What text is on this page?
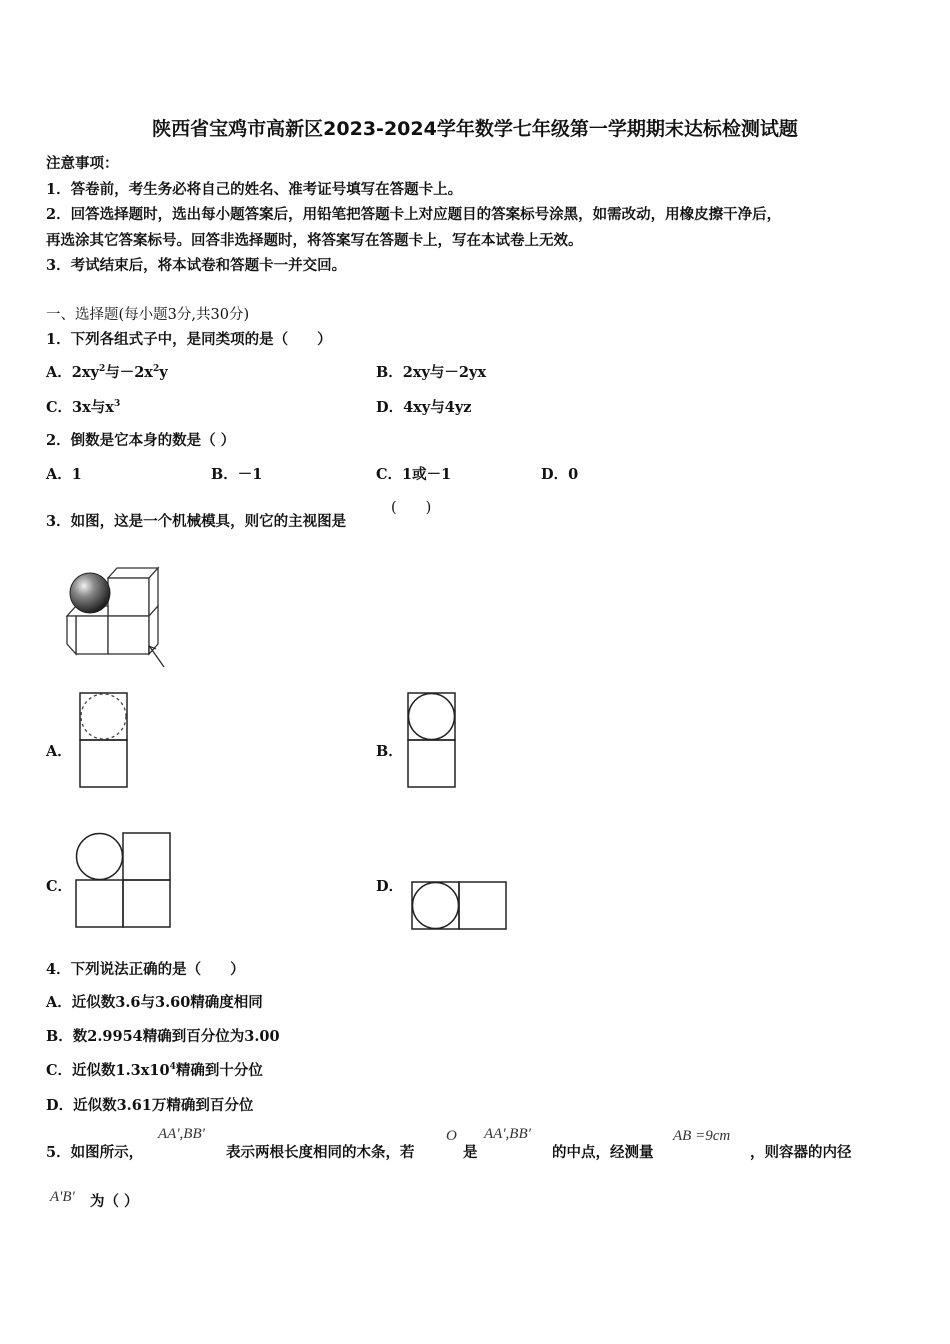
陕西省宝鸡市高新区2023-2024学年数学七年级第一学期期末达标检测试题
注意事项：
1．答卷前，考生务必将自己的姓名、准考证号填写在答题卡上。
2．回答选择题时，选出每小题答案后，用铅笔把答题卡上对应题目的答案标号涂黑，如需改动，用橡皮擦干净后，
再选涂其它答案标号。回答非选择题时，将答案写在答题卡上，写在本试卷上无效。
3．考试结束后，将本试卷和答题卡一并交回。
一、选择题(每小题3分,共30分)
1．下列各组式子中，是同类项的是（　　）
A．$2xy^2$与$-2x^2y$	B．2xy与－2yx
C．3x与$x^3$	D．4xy与4yz
2．倒数是它本身的数是（ ）
A．1	B．－1	C．1或－1	D．0
3．如图，这是一个机械模具，则它的主视图是
(　　)
A．	B．
C．	D．
4．下列说法正确的是（　　）
A．近似数3.6与3.60精确度相同
B．数2.9954精确到百分位为3.00
C．近似数$1.3x10^4$精确到十分位
D．近似数3.61万精确到百分位
5．如图所示，
AA',BB'
表示两根长度相同的木条，若
O
是
AA',BB'
的中点，经测量
AB =9cm
，则容器的内径
A'B' 为（ ）
